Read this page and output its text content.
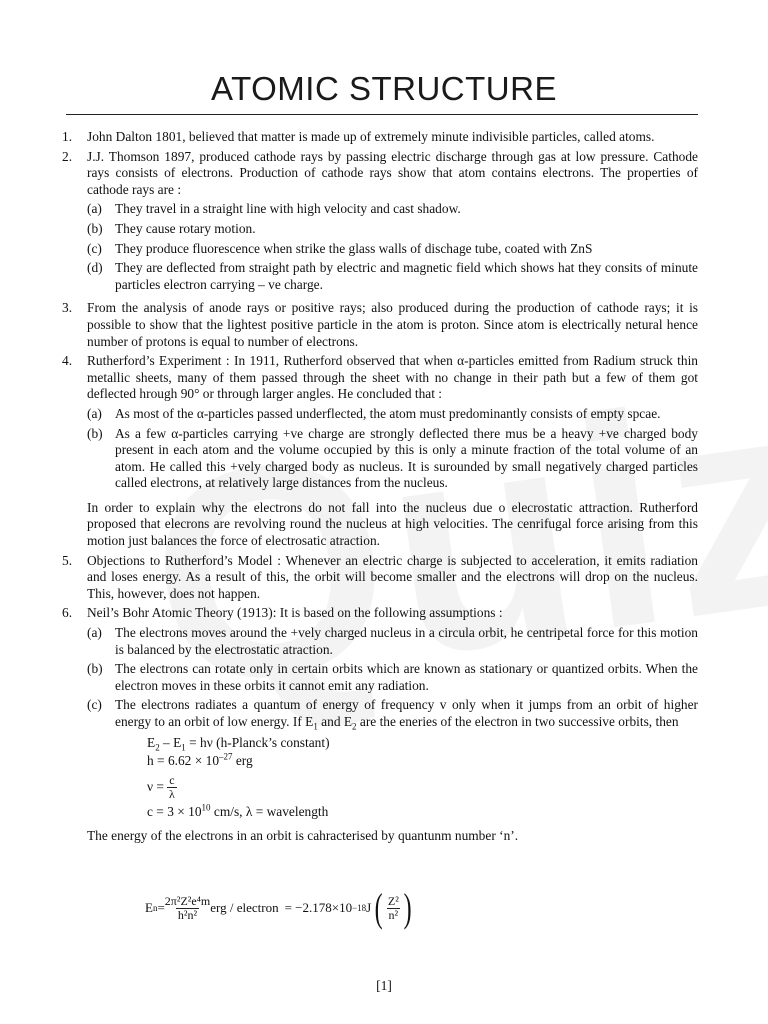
ATOMIC STRUCTURE
1. John Dalton 1801, believed that matter is made up of extremely minute indivisible particles, called atoms.
2. J.J. Thomson 1897, produced cathode rays by passing electric discharge through gas at low pressure. Cathode rays consists of electrons. Production of cathode rays show that atom contains electrons. The properties of cathode rays are :
(a) They travel in a straight line with high velocity and cast shadow.
(b) They cause rotary motion.
(c) They produce fluorescence when strike the glass walls of dischage tube, coated with ZnS
(d) They are deflected from straight path by electric and magnetic field which shows hat they consits of minute particles electron carrying – ve charge.
3. From the analysis of anode rays or positive rays; also produced during the production of cathode rays; it is possible to show that the lightest positive particle in the atom is proton. Since atom is electrically netural hence number of protons is equal to number of electrons.
4. Rutherford’s Experiment : In 1911, Rutherford observed that when α-particles emitted from Radium struck thin metallic sheets, many of them passed through the sheet with no change in their path but a few of them got deflected hrough 90° or through larger angles. He concluded that :
(a) As most of the α-particles passed underflected, the atom must predominantly consists of empty spcae.
(b) As a few α-particles carrying +ve charge are strongly deflected there mus be a heavy +ve charged body present in each atom and the volume occupied by this is only a minute fraction of the total volume of an atom. He called this +vely charged body as nucleus. It is surounded by small negatively charged particles called electrons, at relatively large distances from the nucleus.
In order to explain why the electrons do not fall into the nucleus due o elecrostatic attraction. Rutherford proposed that elecrons are revolving round the nucleus at high velocities. The cenrifugal force arising from this motion just balances the force of electrosatic atraction.
5. Objections to Rutherford’s Model : Whenever an electric charge is subjected to acceleration, it emits radiation and loses energy. As a result of this, the orbit will become smaller and the electrons will drop on the nucleus. This, however, does not happen.
6. Neil’s Bohr Atomic Theory (1913): It is based on the following assumptions :
(a) The electrons moves around the +vely charged nucleus in a circula orbit, he centripetal force for this motion is balanced by the electrostatic atraction.
(b) The electrons can rotate only in certain orbits which are known as stationary or quantized orbits. When the electron moves in these orbits it cannot emit any radiation.
(c) The electrons radiates a quantum of energy of frequency v only when it jumps from an orbit of higher energy to an orbit of low energy. If $E_1$ and $E_2$ are the eneries of the electron in two successive orbits, then
$E_2 - E_1 = h\nu$ (h-Planck’s constant)
$h = 6.62 \times 10^{-27}$ erg
$\nu = \frac{c}{\lambda}$
$c = 3 \times 10^{10}$ cm/s, λ = wavelength
The energy of the electrons in an orbit is cahracterised by quantunm number ‘n’.
E $n = \frac{\text{2π²Z²e⁴m}}{\text{h²n²}}$ erg / electron = −2.178×10 −18 J ( $\frac{\text{Z²}}{\text{n²}}$ )
[1]
